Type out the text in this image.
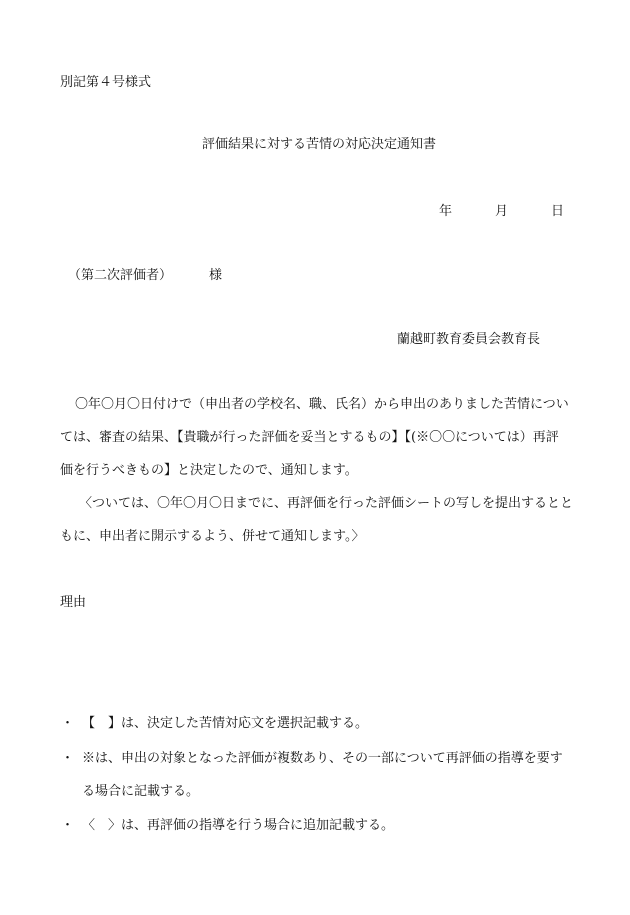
別記第４号様式
評価結果に対する苦情の対応決定通知書
年	月	日
（第二次評価者）	様
蘭越町教育委員会教育長
〇年〇月〇日付けで（申出者の学校名、職、氏名）から申出のありました苦情につい
ては、審査の結果、【貴職が行った評価を妥当とするもの】【(※〇〇については）再評
価を行うべきもの】と決定したので、通知します。
〈ついては、〇年〇月〇日までに、再評価を行った評価シートの写しを提出するとと
もに、申出者に開示するよう、併せて通知します。〉
理由
・ 【　】は、決定した苦情対応文を選択記載する。
・ ※は、申出の対象となった評価が複数あり、その一部について再評価の指導を要す
る場合に記載する。
・ 〈　〉は、再評価の指導を行う場合に追加記載する。
